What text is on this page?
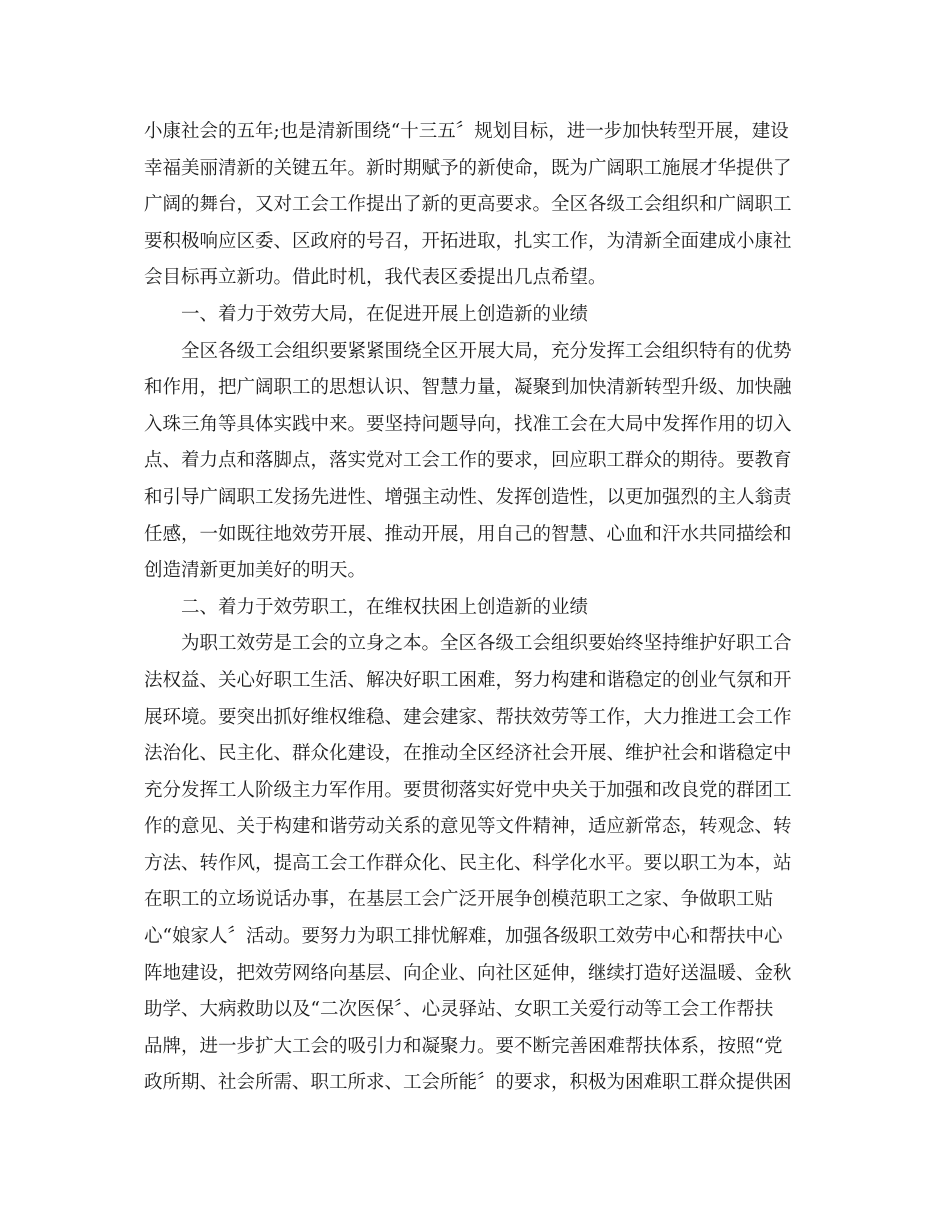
小康社会的五年;也是清新围绕“十三五〞规划目标，进一步加快转型开展，建设
幸福美丽清新的关键五年。新时期赋予的新使命，既为广阔职工施展才华提供了
广阔的舞台，又对工会工作提出了新的更高要求。全区各级工会组织和广阔职工
要积极响应区委、区政府的号召，开拓进取，扎实工作，为清新全面建成小康社
会目标再立新功。借此时机，我代表区委提出几点希望。
一、着力于效劳大局，在促进开展上创造新的业绩
全区各级工会组织要紧紧围绕全区开展大局，充分发挥工会组织特有的优势
和作用，把广阔职工的思想认识、智慧力量，凝聚到加快清新转型升级、加快融
入珠三角等具体实践中来。要坚持问题导向，找准工会在大局中发挥作用的切入
点、着力点和落脚点，落实党对工会工作的要求，回应职工群众的期待。要教育
和引导广阔职工发扬先进性、增强主动性、发挥创造性，以更加强烈的主人翁责
任感，一如既往地效劳开展、推动开展，用自己的智慧、心血和汗水共同描绘和
创造清新更加美好的明天。
二、着力于效劳职工，在维权扶困上创造新的业绩
为职工效劳是工会的立身之本。全区各级工会组织要始终坚持维护好职工合
法权益、关心好职工生活、解决好职工困难，努力构建和谐稳定的创业气氛和开
展环境。要突出抓好维权维稳、建会建家、帮扶效劳等工作，大力推进工会工作
法治化、民主化、群众化建设，在推动全区经济社会开展、维护社会和谐稳定中
充分发挥工人阶级主力军作用。要贯彻落实好党中央关于加强和改良党的群团工
作的意见、关于构建和谐劳动关系的意见等文件精神，适应新常态，转观念、转
方法、转作风，提高工会工作群众化、民主化、科学化水平。要以职工为本，站
在职工的立场说话办事，在基层工会广泛开展争创模范职工之家、争做职工贴
心“娘家人〞活动。要努力为职工排忧解难，加强各级职工效劳中心和帮扶中心
阵地建设，把效劳网络向基层、向企业、向社区延伸，继续打造好送温暖、金秋
助学、大病救助以及“二次医保〞、心灵驿站、女职工关爱行动等工会工作帮扶
品牌，进一步扩大工会的吸引力和凝聚力。要不断完善困难帮扶体系，按照“党
政所期、社会所需、职工所求、工会所能〞的要求，积极为困难职工群众提供困
